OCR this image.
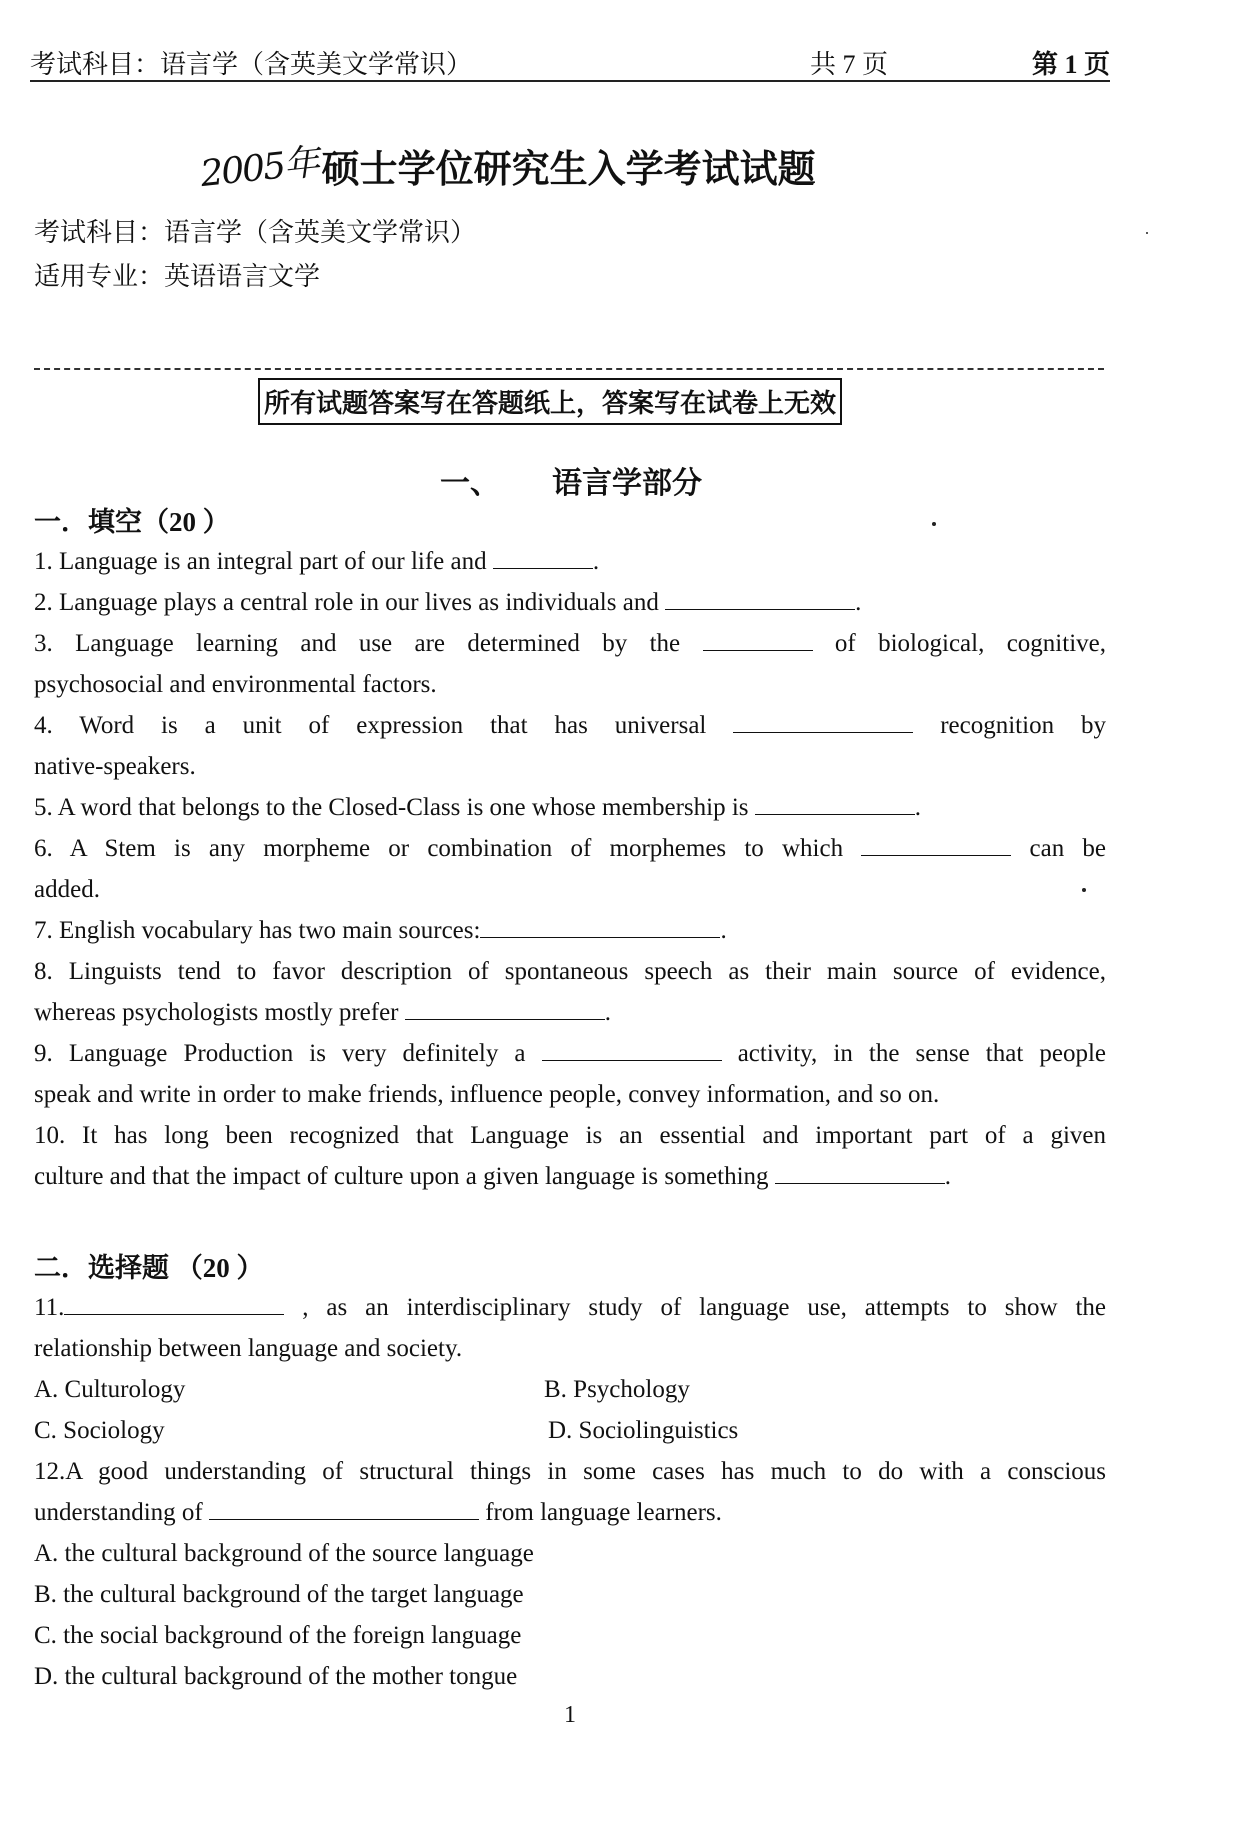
考试科目：语言学（含英美文学常识）	共 7 页	第 1 页
2005年 硕士学位研究生入学考试试题
考试科目：语言学（含英美文学常识）
适用专业：英语语言文学
所有试题答案写在答题纸上，答案写在试卷上无效
一、 语言学部分
一．填空（20 ）
1. Language is an integral part of our life and	.
2. Language plays a central role in our lives as individuals and	.
3. Language learning and use are determined by the	of biological, cognitive,
psychosocial and environmental factors.
4. Word is a unit of expression that has universal	recognition by
native-speakers.
5. A word that belongs to the Closed-Class is one whose membership is	.
6. A Stem is any morpheme or combination of morphemes to which	can be
added.
7. English vocabulary has two main sources:	.
8. Linguists tend to favor description of spontaneous speech as their main source of evidence,
whereas psychologists mostly prefer	.
9. Language Production is very definitely a	activity, in the sense that people
speak and write in order to make friends, influence people, convey information, and so on.
10. It has long been recognized that Language is an essential and important part of a given
culture and that the impact of culture upon a given language is something	.
二．选择题 （20 ）
11.	, as an interdisciplinary study of language use, attempts to show the
relationship between language and society.
A. Culturology	B. Psychology
C. Sociology	D. Sociolinguistics
12.A good understanding of structural things in some cases has much to do with a conscious
understanding of	from language learners.
A. the cultural background of the source language
B. the cultural background of the target language
C. the social background of the foreign language
D. the cultural background of the mother tongue
1
